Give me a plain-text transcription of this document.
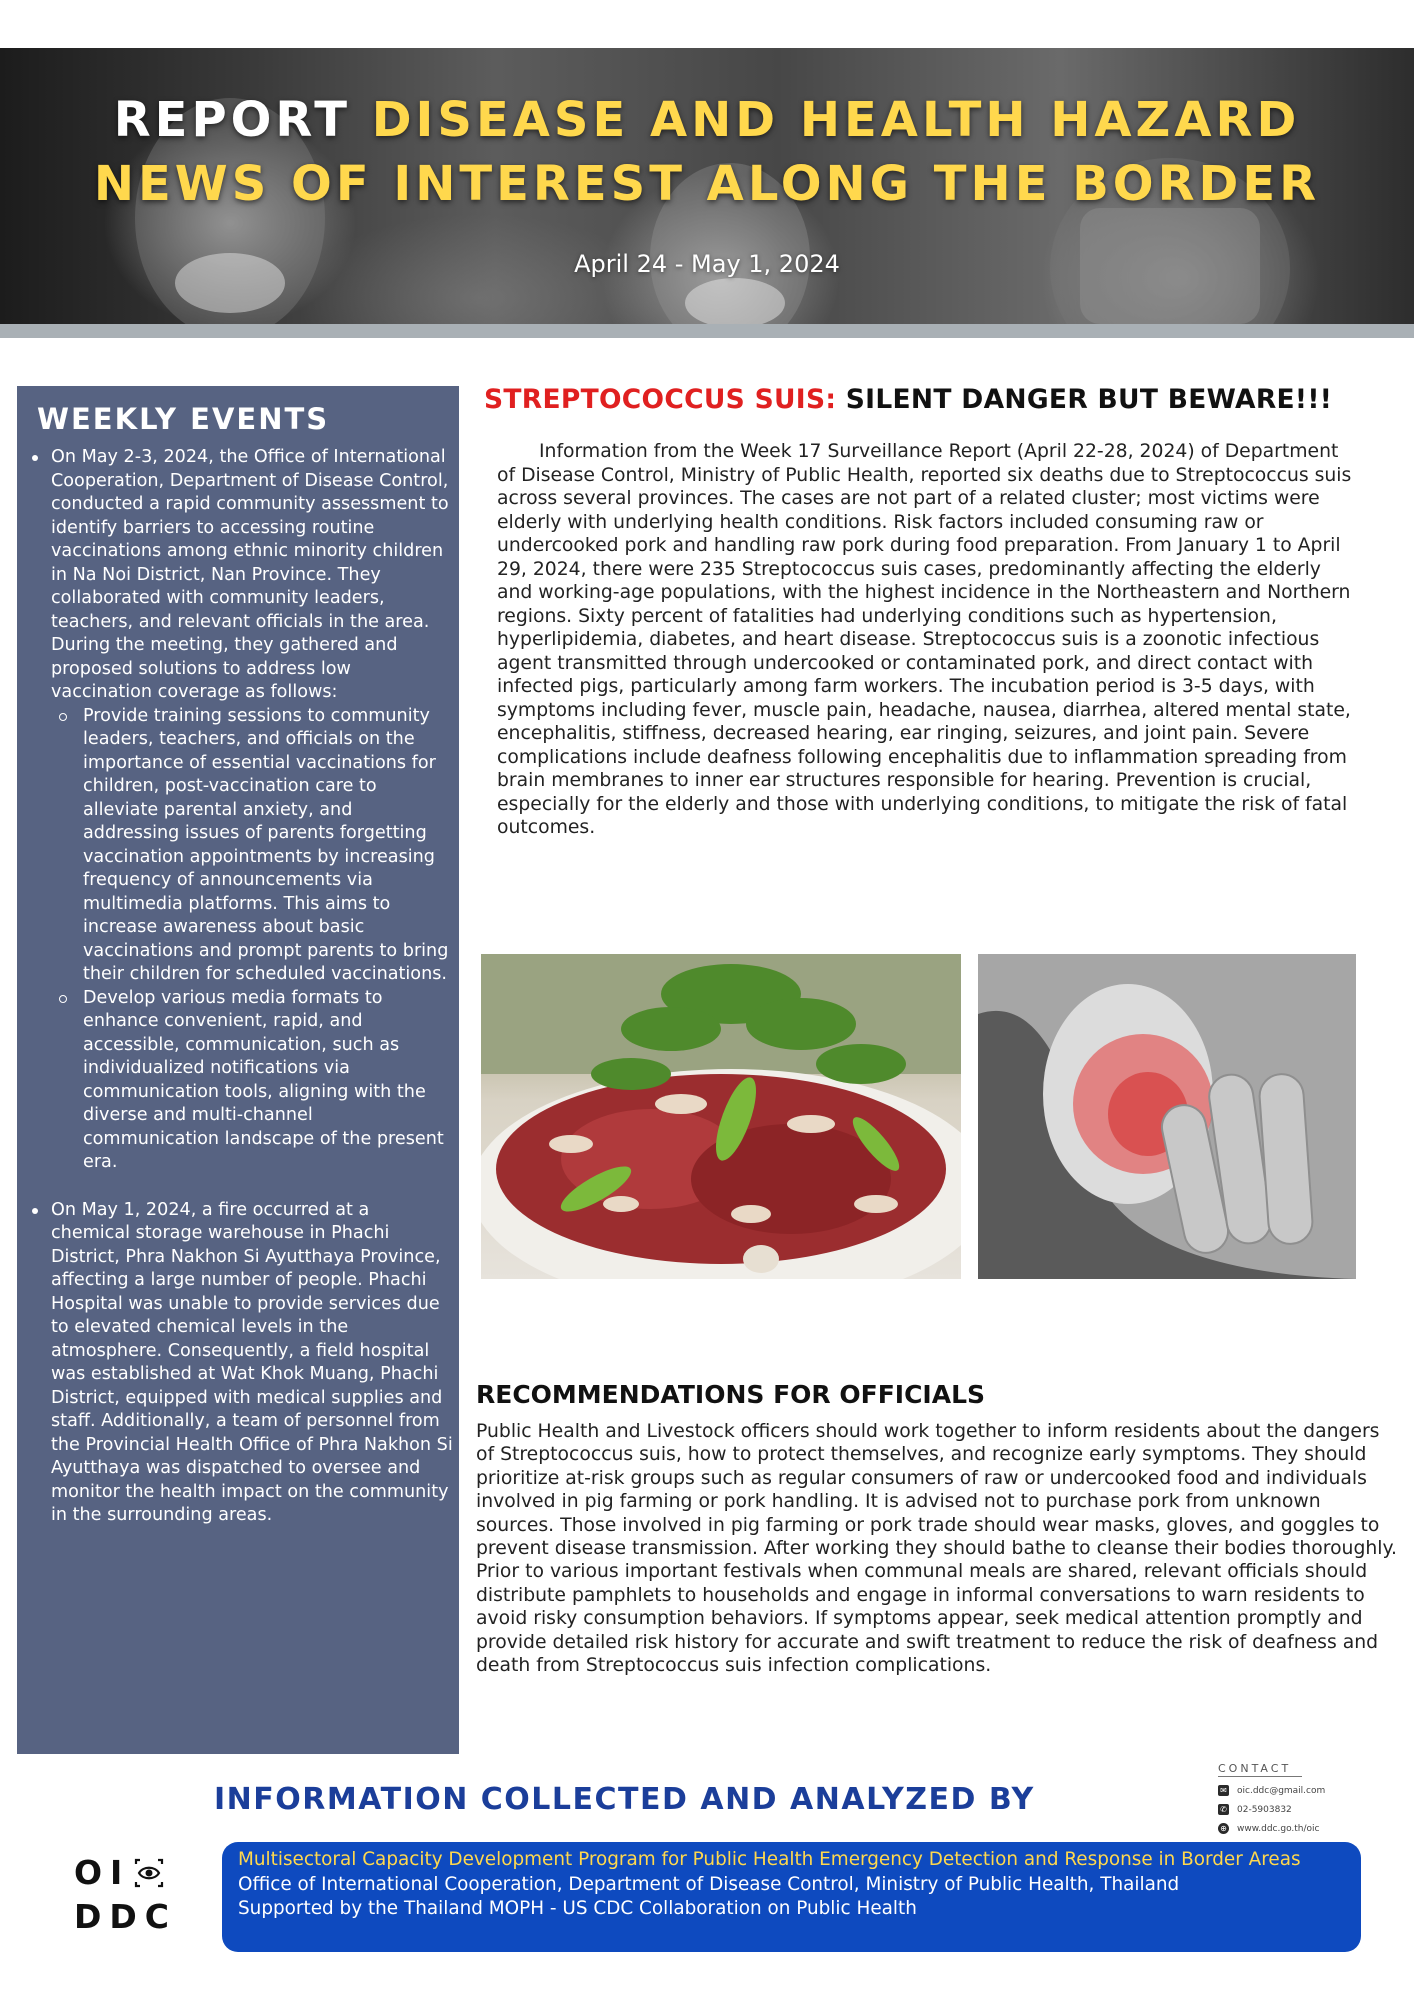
REPORT DISEASE AND HEALTH HAZARD
NEWS OF INTEREST ALONG THE BORDER
April 24 - May 1, 2024
WEEKLY EVENTS
On May 2-3, 2024, the Office of International Cooperation, Department of Disease Control, conducted a rapid community assessment to identify barriers to accessing routine vaccinations among ethnic minority children in Na Noi District, Nan Province. They collaborated with community leaders, teachers, and relevant officials in the area. During the meeting, they gathered and proposed solutions to address low vaccination coverage as follows:
Provide training sessions to community leaders, teachers, and officials on the importance of essential vaccinations for children, post-vaccination care to alleviate parental anxiety, and addressing issues of parents forgetting vaccination appointments by increasing frequency of announcements via multimedia platforms. This aims to increase awareness about basic vaccinations and prompt parents to bring their children for scheduled vaccinations.
Develop various media formats to enhance convenient, rapid, and accessible, communication, such as individualized notifications via communication tools, aligning with the diverse and multi-channel communication landscape of the present era.
On May 1, 2024, a fire occurred at a chemical storage warehouse in Phachi District, Phra Nakhon Si Ayutthaya Province, affecting a large number of people. Phachi Hospital was unable to provide services due to elevated chemical levels in the atmosphere. Consequently, a field hospital was established at Wat Khok Muang, Phachi District, equipped with medical supplies and staff. Additionally, a team of personnel from the Provincial Health Office of Phra Nakhon Si Ayutthaya was dispatched to oversee and monitor the health impact on the community in the surrounding areas.
STREPTOCOCCUS SUIS: SILENT DANGER BUT BEWARE!!!
Information from the Week 17 Surveillance Report (April 22-28, 2024) of Department of Disease Control, Ministry of Public Health, reported six deaths due to Streptococcus suis across several provinces. The cases are not part of a related cluster; most victims were elderly with underlying health conditions. Risk factors included consuming raw or undercooked pork and handling raw pork during food preparation. From January 1 to April 29, 2024, there were 235 Streptococcus suis cases, predominantly affecting the elderly and working-age populations, with the highest incidence in the Northeastern and Northern regions. Sixty percent of fatalities had underlying conditions such as hypertension, hyperlipidemia, diabetes, and heart disease. Streptococcus suis is a zoonotic infectious agent transmitted through undercooked or contaminated pork, and direct contact with infected pigs, particularly among farm workers. The incubation period is 3-5 days, with symptoms including fever, muscle pain, headache, nausea, diarrhea, altered mental state, encephalitis, stiffness, decreased hearing, ear ringing, seizures, and joint pain. Severe complications include deafness following encephalitis due to inflammation spreading from brain membranes to inner ear structures responsible for hearing. Prevention is crucial, especially for the elderly and those with underlying conditions, to mitigate the risk of fatal outcomes.
RECOMMENDATIONS FOR OFFICIALS
Public Health and Livestock officers should work together to inform residents about the dangers of Streptococcus suis, how to protect themselves, and recognize early symptoms. They should prioritize at-risk groups such as regular consumers of raw or undercooked food and individuals involved in pig farming or pork handling. It is advised not to purchase pork from unknown sources. Those involved in pig farming or pork trade should wear masks, gloves, and goggles to prevent disease transmission. After working they should bathe to cleanse their bodies thoroughly. Prior to various important festivals when communal meals are shared, relevant officials should distribute pamphlets to households and engage in informal conversations to warn residents to avoid risky consumption behaviors. If symptoms appear, seek medical attention promptly and provide detailed risk history for accurate and swift treatment to reduce the risk of deafness and death from Streptococcus suis infection complications.
INFORMATION COLLECTED AND ANALYZED BY
CONTACT
✉ oic.ddc@gmail.com
✆ 02-5903832
⊕ www.ddc.go.th/oic
OI
DDC
Multisectoral Capacity Development Program for Public Health Emergency Detection and Response in Border Areas
Office of International Cooperation, Department of Disease Control, Ministry of Public Health, Thailand
Supported by the Thailand MOPH - US CDC Collaboration on Public Health
